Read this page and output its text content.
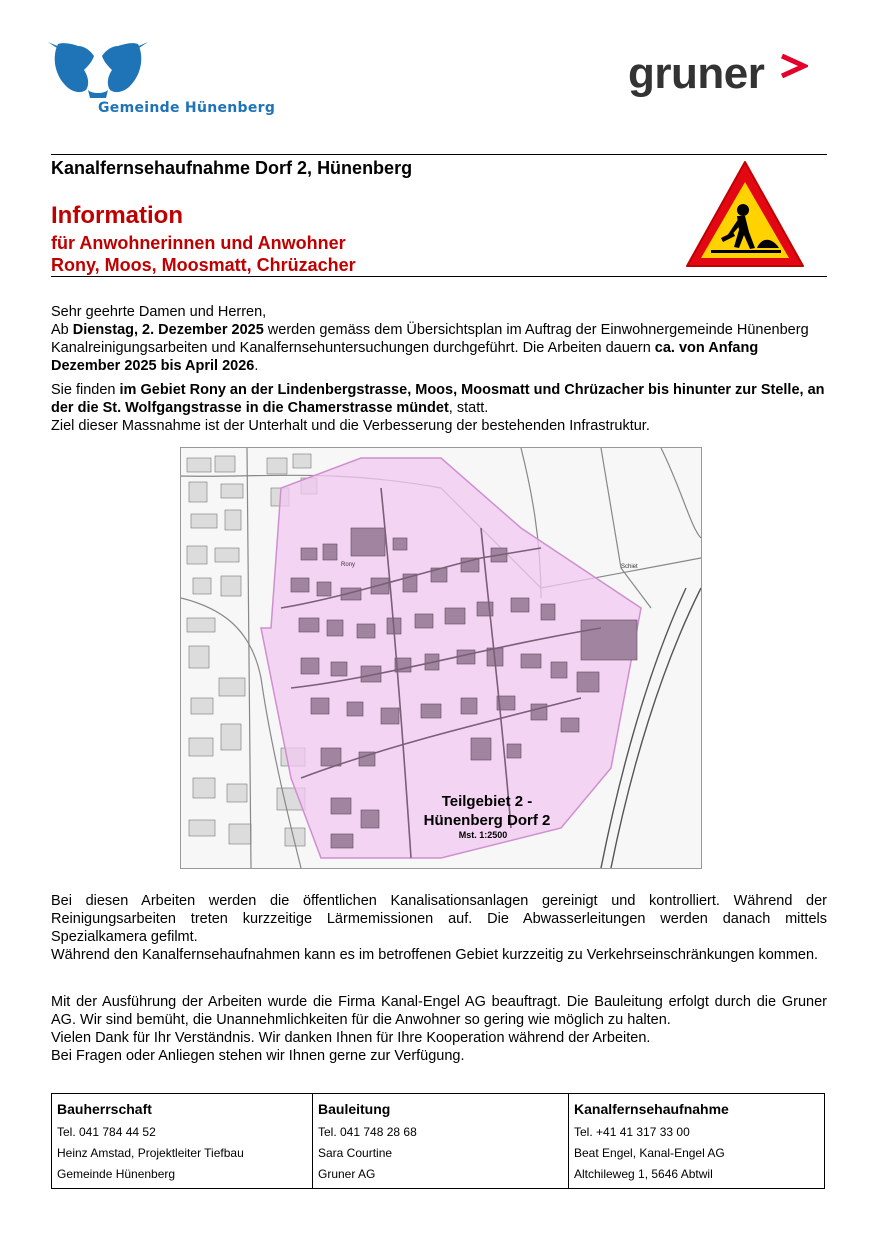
Gemeinde Hünenberg
gruner
Kanalfernsehaufnahme Dorf 2, Hünenberg
Information
für Anwohnerinnen und Anwohner
Rony, Moos, Moosmatt, Chrüzacher
Sehr geehrte Damen und Herren,
Ab Dienstag, 2. Dezember 2025 werden gemäss dem Übersichtsplan im Auftrag der Einwohnergemeinde Hünenberg Kanalreinigungsarbeiten und Kanalfernsehuntersuchungen durchgeführt. Die Arbeiten dauern ca. von Anfang Dezember 2025 bis April 2026.
Sie finden im Gebiet Rony an der Lindenbergstrasse, Moos, Moosmatt und Chrüzacher bis hinunter zur Stelle, an der die St. Wolfgangstrasse in die Chamerstrasse mündet, statt.
Ziel dieser Massnahme ist der Unterhalt und die Verbesserung der bestehenden Infrastruktur.
Rony	Schiet
Teilgebiet 2 -
Hünenberg Dorf 2
Mst. 1:2500
Bei diesen Arbeiten werden die öffentlichen Kanalisationsanlagen gereinigt und kontrolliert. Während der Reinigungsarbeiten treten kurzzeitige Lärmemissionen auf. Die Abwasserleitungen werden danach mittels Spezialkamera gefilmt.
Während den Kanalfernsehaufnahmen kann es im betroffenen Gebiet kurzzeitig zu Verkehrseinschränkungen kommen.
Mit der Ausführung der Arbeiten wurde die Firma Kanal-Engel AG beauftragt. Die Bauleitung erfolgt durch die Gruner AG. Wir sind bemüht, die Unannehmlichkeiten für die Anwohner so gering wie möglich zu halten.
Vielen Dank für Ihr Verständnis. Wir danken Ihnen für Ihre Kooperation während der Arbeiten.
Bei Fragen oder Anliegen stehen wir Ihnen gerne zur Verfügung.
Bauherrschaft	Bauleitung	Kanalfernsehaufnahme
Tel. 041 784 44 52	Tel. 041 748 28 68	Tel. +41 41 317 33 00
Heinz Amstad, Projektleiter Tiefbau	Sara Courtine	Beat Engel, Kanal-Engel AG
Gemeinde Hünenberg	Gruner AG	Altchileweg 1, 5646 Abtwil
